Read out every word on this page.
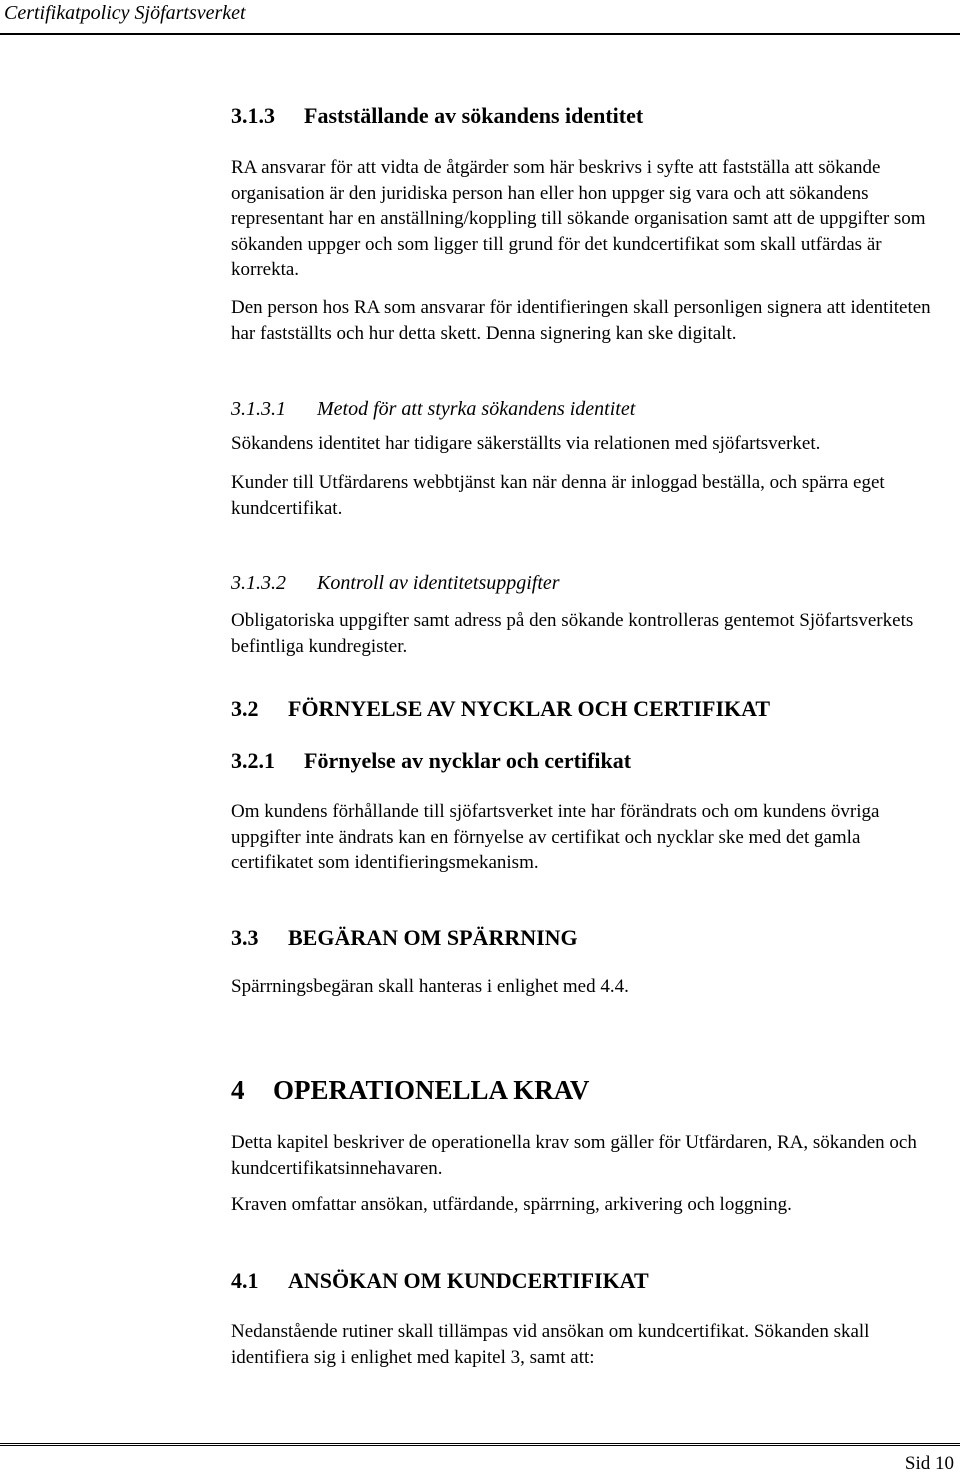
Certifikatpolicy Sjöfartsverket
3.1.3 Fastställande av sökandens identitet
RA ansvarar för att vidta de åtgärder som här beskrivs i syfte att fastställa att sökande organisation är den juridiska person han eller hon uppger sig vara och att sökandens representant har en anställning/koppling till sökande organisation samt att de uppgifter som sökanden uppger och som ligger till grund för det kundcertifikat som skall utfärdas är korrekta.
Den person hos RA som ansvarar för identifieringen skall personligen signera att identiteten har fastställts och hur detta skett. Denna signering kan ske digitalt.
3.1.3.1 Metod för att styrka sökandens identitet
Sökandens identitet har tidigare säkerställts via relationen med sjöfartsverket.
Kunder till Utfärdarens webbtjänst kan när denna är inloggad beställa, och spärra eget kundcertifikat.
3.1.3.2 Kontroll av identitetsuppgifter
Obligatoriska uppgifter samt adress på den sökande kontrolleras gentemot Sjöfartsverkets befintliga kundregister.
3.2 FÖRNYELSE AV NYCKLAR OCH CERTIFIKAT
3.2.1 Förnyelse av nycklar och certifikat
Om kundens förhållande till sjöfartsverket inte har förändrats och om kundens övriga uppgifter inte ändrats kan en förnyelse av certifikat och nycklar ske med det gamla certifikatet som identifieringsmekanism.
3.3 BEGÄRAN OM SPÄRRNING
Spärrningsbegäran skall hanteras i enlighet med 4.4.
4 OPERATIONELLA KRAV
Detta kapitel beskriver de operationella krav som gäller för Utfärdaren, RA, sökanden och kundcertifikatsinnehavaren.
Kraven omfattar ansökan, utfärdande, spärrning, arkivering och loggning.
4.1 ANSÖKAN OM KUNDCERTIFIKAT
Nedanstående rutiner skall tillämpas vid ansökan om kundcertifikat. Sökanden skall identifiera sig i enlighet med kapitel 3, samt att:
Sid 10
